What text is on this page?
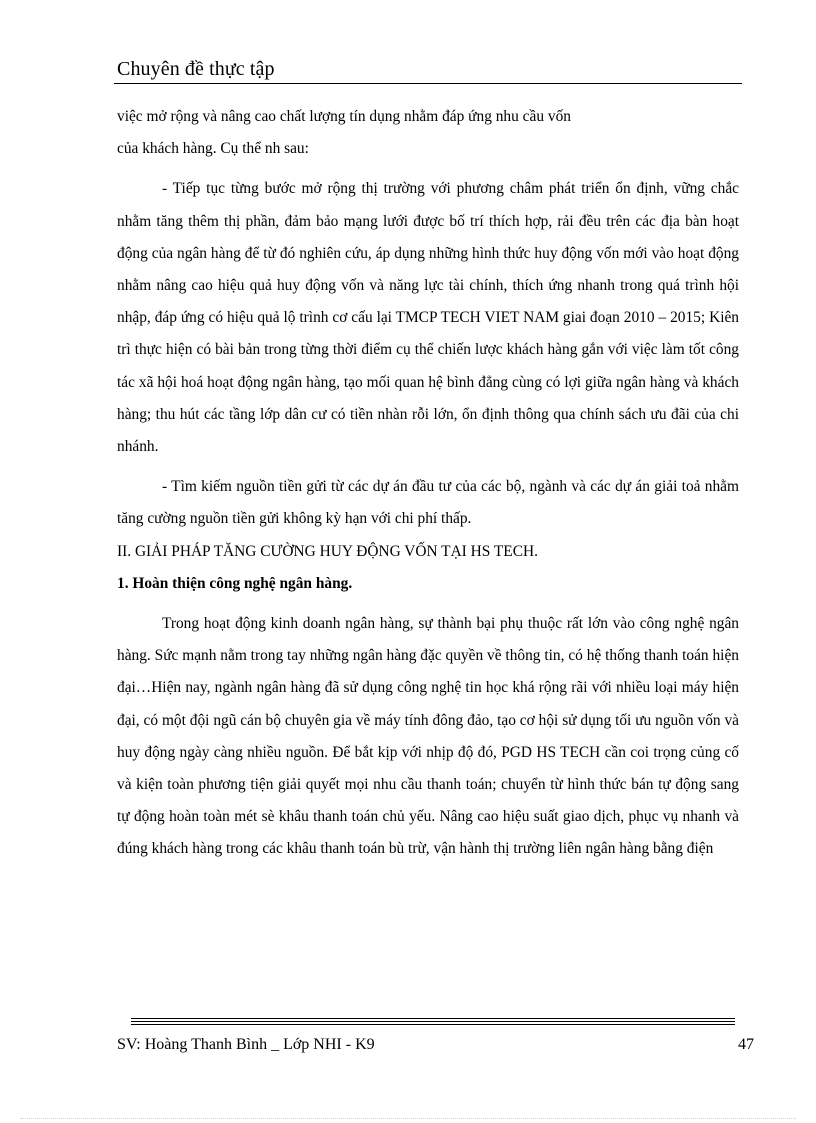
Chuyên đề thực tập

việc mở rộng và nâng cao chất lượng tín dụng nhằm đáp ứng nhu cầu vốn
của khách hàng. Cụ thể nh sau:

- Tiếp tục từng bước mở rộng thị trường với phương châm phát triển ổn định, vững chắc nhằm tăng thêm thị phần, đảm bảo mạng lưới được bố trí thích hợp, rải đều trên các địa bàn hoạt động của ngân hàng để từ đó nghiên cứu, áp dụng những hình thức huy động vốn mới vào hoạt động nhằm nâng cao hiệu quả huy động vốn và năng lực tài chính, thích ứng nhanh trong quá trình hội nhập, đáp ứng có hiệu quả lộ trình cơ cấu lại TMCP TECH VIET NAM giai đoạn 2010 – 2015; Kiên trì thực hiện có bài bản trong từng thời điểm cụ thể chiến lược khách hàng gắn với việc làm tốt công tác xã hội hoá hoạt động ngân hàng, tạo mối quan hệ bình đẳng cùng có lợi giữa ngân hàng và khách hàng; thu hút các tầng lớp dân cư có tiền nhàn rỗi lớn, ổn định thông qua chính sách ưu đãi của chi nhánh.

- Tìm kiếm nguồn tiền gửi từ các dự án đầu tư của các bộ, ngành và các dự án giải toả nhằm tăng cường nguồn tiền gửi không kỳ hạn với chi phí thấp.

II. GIẢI PHÁP TĂNG CƯỜNG HUY ĐỘNG VỐN TẠI HS TECH.

1. Hoàn thiện công nghệ ngân hàng.

Trong hoạt động kinh doanh ngân hàng, sự thành bại phụ thuộc rất lớn vào công nghệ ngân hàng. Sức mạnh nằm trong tay những ngân hàng đặc quyền về thông tin, có hệ thống thanh toán hiện đại…Hiện nay, ngành ngân hàng đã sử dụng công nghệ tin học khá rộng rãi với nhiều loại máy hiện đại, có một đội ngũ cán bộ chuyên gia về máy tính đông đảo, tạo cơ hội sử dụng tối ưu nguồn vốn và huy động ngày càng nhiều nguồn. Để bắt kịp với nhịp độ đó, PGD HS TECH cần coi trọng củng cố và kiện toàn phương tiện giải quyết mọi nhu cầu thanh toán; chuyển từ hình thức bán tự động sang tự động hoàn toàn mét sè khâu thanh toán chủ yếu. Nâng cao hiệu suất giao dịch, phục vụ nhanh và đúng khách hàng trong các khâu thanh toán bù trừ, vận hành thị trường liên ngân hàng bằng điện

SV: Hoàng Thanh Bình _ Lớp NHI - K9	47
